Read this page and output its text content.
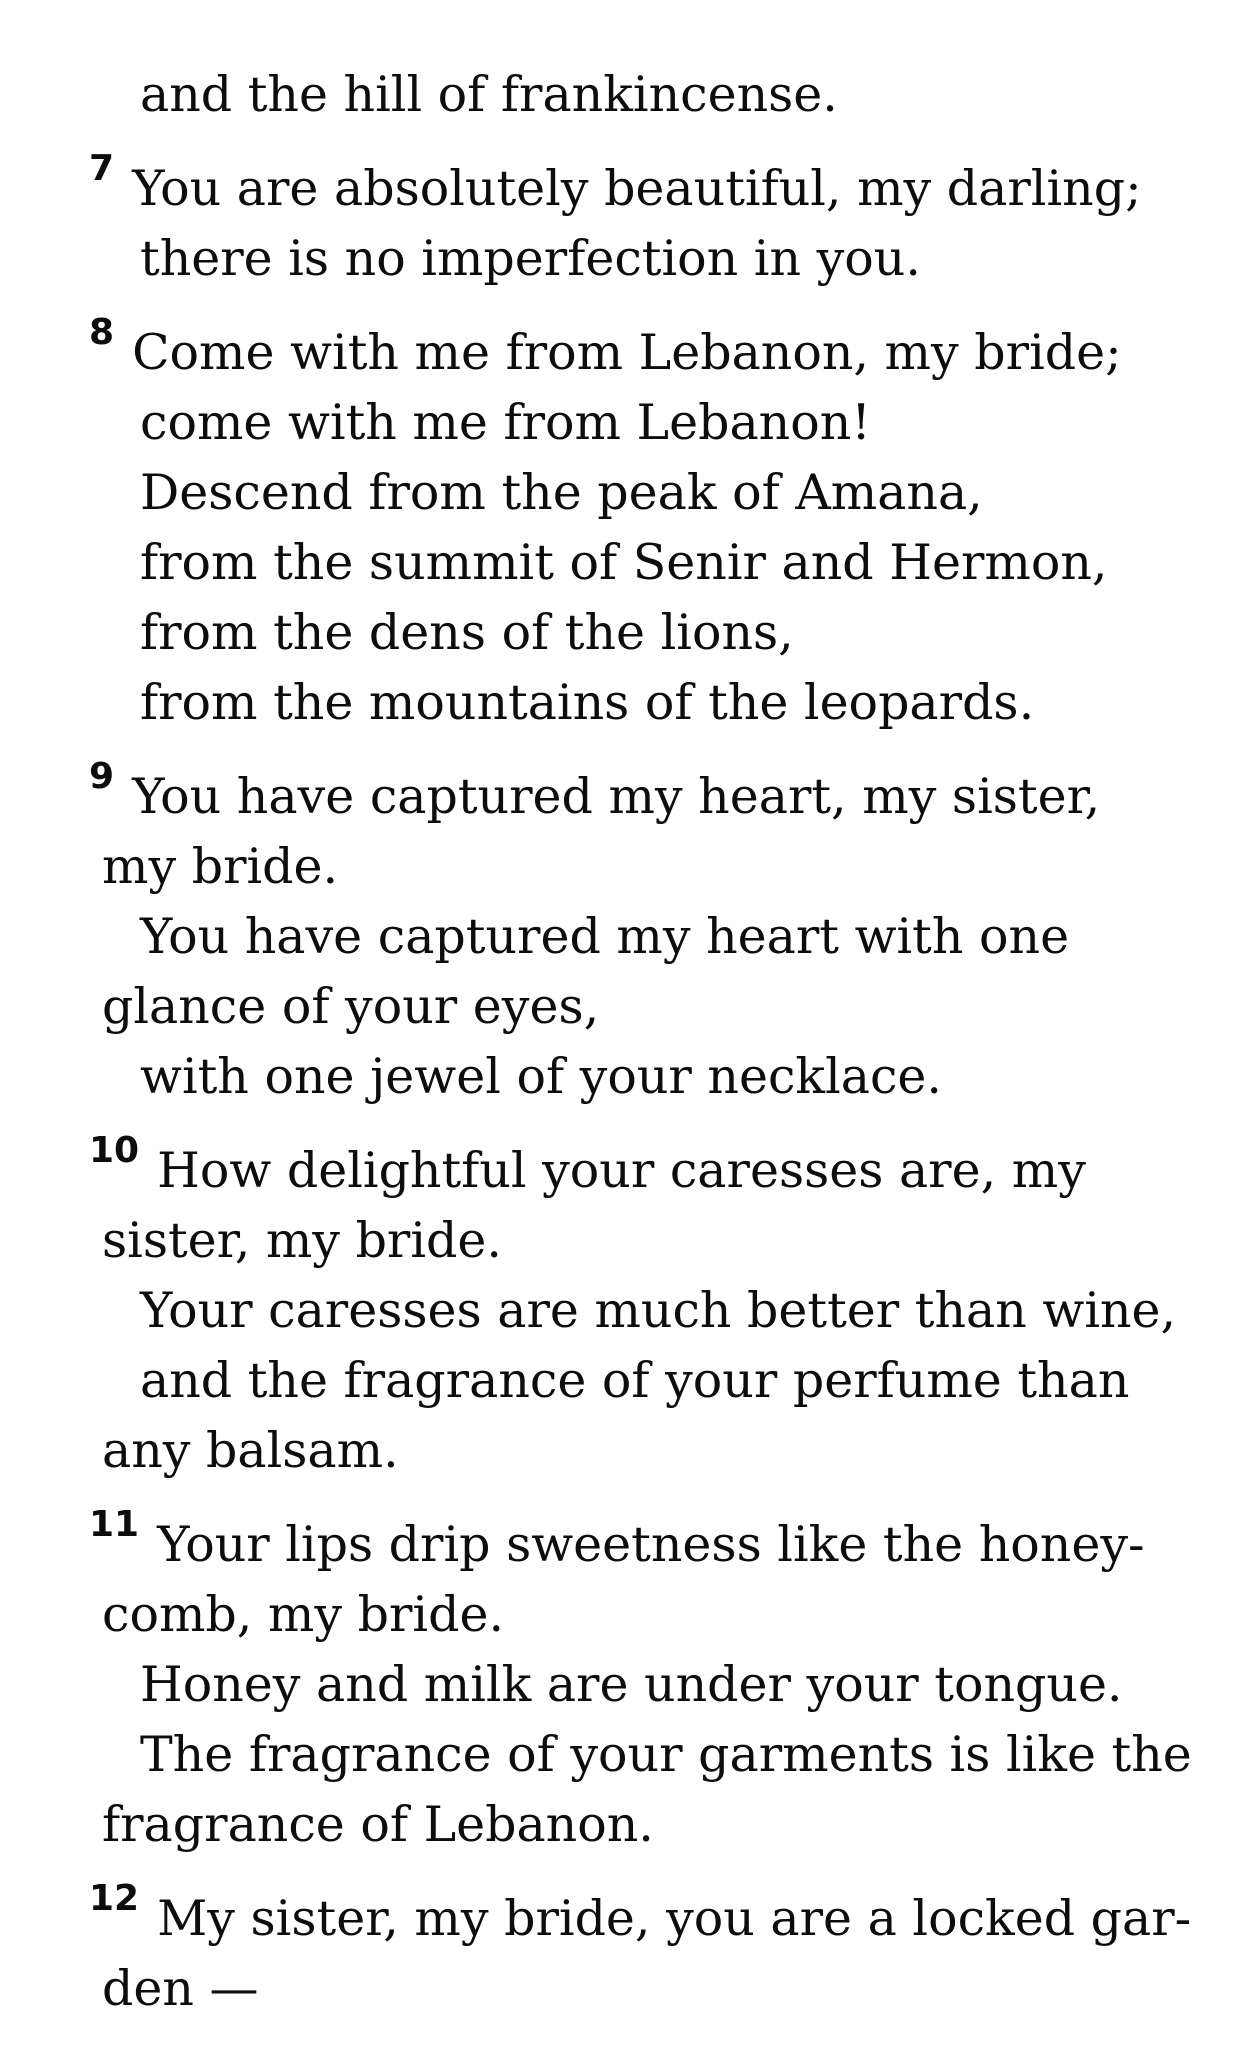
and the hill of frankincense.
$^7$ You are absolutely beautiful, my darling;
there is no imperfection in you.
$^8$ Come with me from Lebanon, my bride;
come with me from Lebanon!
Descend from the peak of Amana,
from the summit of Senir and Hermon,
from the dens of the lions,
from the mountains of the leopards.
$^9$ You have captured my heart, my sister,
my bride.
You have captured my heart with one
glance of your eyes,
with one jewel of your necklace.
$^{10}$ How delightful your caresses are, my
sister, my bride.
Your caresses are much better than wine,
and the fragrance of your perfume than
any balsam.
$^{11}$ Your lips drip sweetness like the honey-
comb, my bride.
Honey and milk are under your tongue.
The fragrance of your garments is like the
fragrance of Lebanon.
$^{12}$ My sister, my bride, you are a locked gar-
den —
